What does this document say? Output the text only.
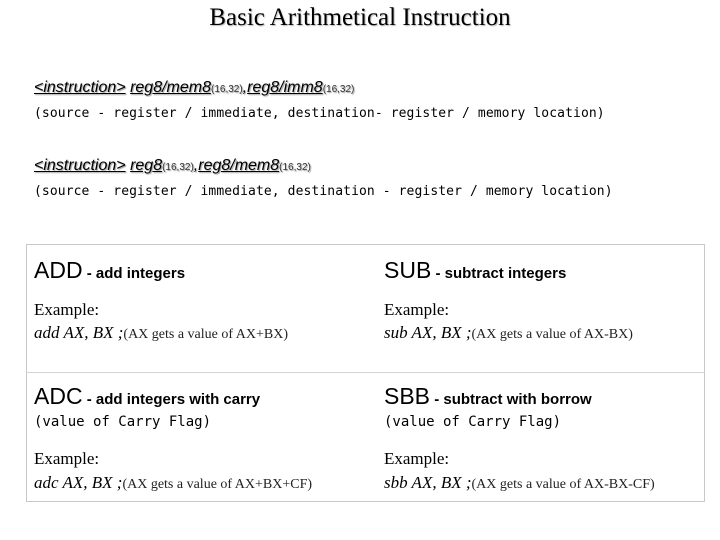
Basic Arithmetical Instruction
<instruction> reg8/mem8(16,32),reg8/imm8(16,32)
(source - register / immediate, destination- register / memory location)
<instruction> reg8(16,32),reg8/mem8(16,32)
(source - register / immediate, destination - register / memory location)
ADD - add integers
Example:
add AX, BX ;(AX gets a value of AX+BX)
SUB - subtract integers
Example:
sub AX, BX ;(AX gets a value of AX-BX)
ADC - add integers with carry
(value of Carry Flag)
Example:
adc AX, BX ;(AX gets a value of AX+BX+CF)
SBB - subtract with borrow
(value of Carry Flag)
Example:
sbb AX, BX ;(AX gets a value of AX-BX-CF)
